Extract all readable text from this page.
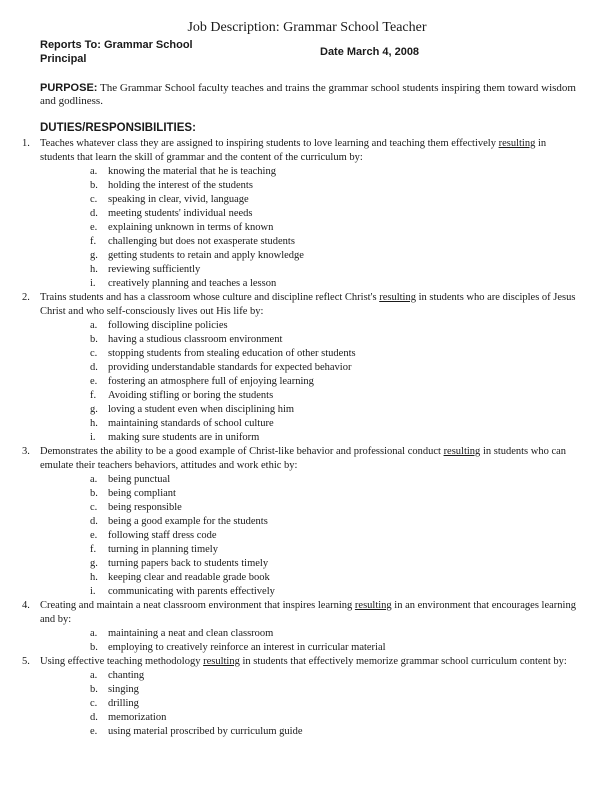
Job Description: Grammar School Teacher
Reports To: Grammar School
Principal
Date March 4, 2008
PURPOSE: The Grammar School faculty teaches and trains the grammar school students inspiring them toward wisdom and godliness.
DUTIES/RESPONSIBILITIES:
1. Teaches whatever class they are assigned to inspiring students to love learning and teaching them effectively resulting in students that learn the skill of grammar and the content of the curriculum by:
a.	knowing the material that he is teaching
b. holding the interest of the students
c.	speaking in clear, vivid, language
d. meeting students' individual needs
e.	explaining unknown in terms of known
f.	challenging but does not exasperate students
g. getting students to retain and apply knowledge
h. reviewing sufficiently
i.	creatively planning and teaches a lesson
2. Trains students and has a classroom whose culture and discipline reflect Christ's resulting in students who are disciples of Jesus Christ and who self-consciously lives out His life by:
a.	following discipline policies
b. having a studious classroom environment
c.	stopping students from stealing education of other students
d. providing understandable standards for expected behavior
e.	fostering an atmosphere full of enjoying learning
f.	Avoiding stifling or boring the students
g. loving a student even when disciplining him
h. maintaining standards of school culture
i.	making sure students are in uniform
3. Demonstrates the ability to be a good example of Christ-like behavior and professional conduct resulting in students who can emulate their teachers behaviors, attitudes and work ethic by:
a.	being punctual
b. being compliant
c.	being responsible
d. being a good example for the students
e.	following staff dress code
f.	turning in planning timely
g. turning papers back to students timely
h. keeping clear and readable grade book
i.	communicating with parents effectively
4. Creating and maintain a neat classroom environment that inspires learning resulting in an environment that encourages learning and by:
a.	maintaining a neat and clean classroom
b. employing to creatively reinforce an interest in curricular material
5. Using effective teaching methodology resulting in students that effectively memorize grammar school curriculum content by:
a.	chanting
b. singing
c.	drilling
d. memorization
e.	using material proscribed by curriculum guide
